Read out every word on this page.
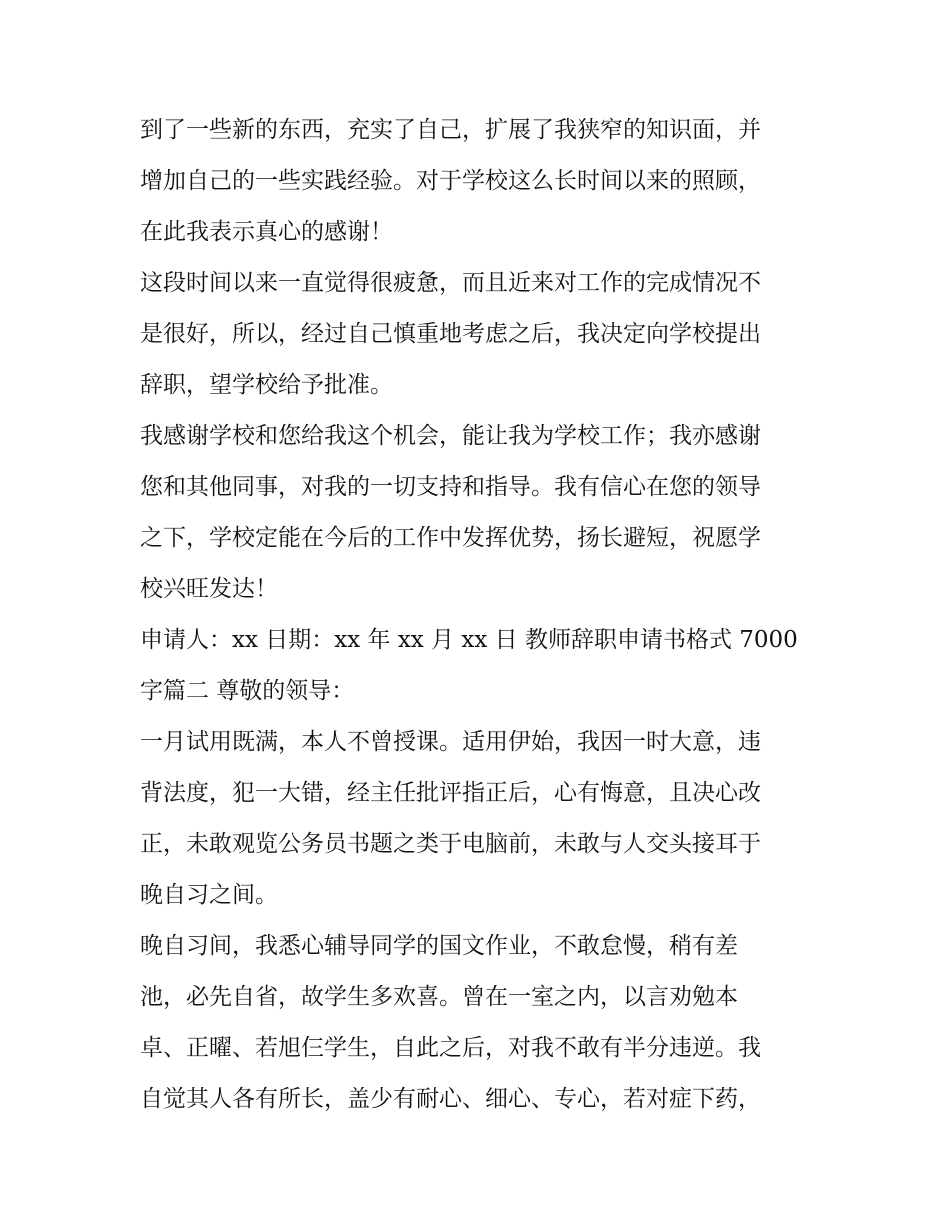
到了一些新的东西，充实了自己，扩展了我狭窄的知识面，并
增加自己的一些实践经验。对于学校这么长时间以来的照顾，
在此我表示真心的感谢！
这段时间以来一直觉得很疲惫，而且近来对工作的完成情况不
是很好，所以，经过自己慎重地考虑之后，我决定向学校提出
辞职，望学校给予批准。
我感谢学校和您给我这个机会，能让我为学校工作；我亦感谢
您和其他同事，对我的一切支持和指导。我有信心在您的领导
之下，学校定能在今后的工作中发挥优势，扬长避短，祝愿学
校兴旺发达！
申请人：xx 日期：xx 年 xx 月 xx 日 教师辞职申请书格式 7000
字篇二 尊敬的领导：
一月试用既满，本人不曾授课。适用伊始，我因一时大意，违
背法度，犯一大错，经主任批评指正后，心有悔意，且决心改
正，未敢观览公务员书题之类于电脑前，未敢与人交头接耳于
晚自习之间。
晚自习间，我悉心辅导同学的国文作业，不敢怠慢，稍有差
池，必先自省，故学生多欢喜。曾在一室之内，以言劝勉本
卓、正曜、若旭仨学生，自此之后，对我不敢有半分违逆。我
自觉其人各有所长，盖少有耐心、细心、专心，若对症下药，
